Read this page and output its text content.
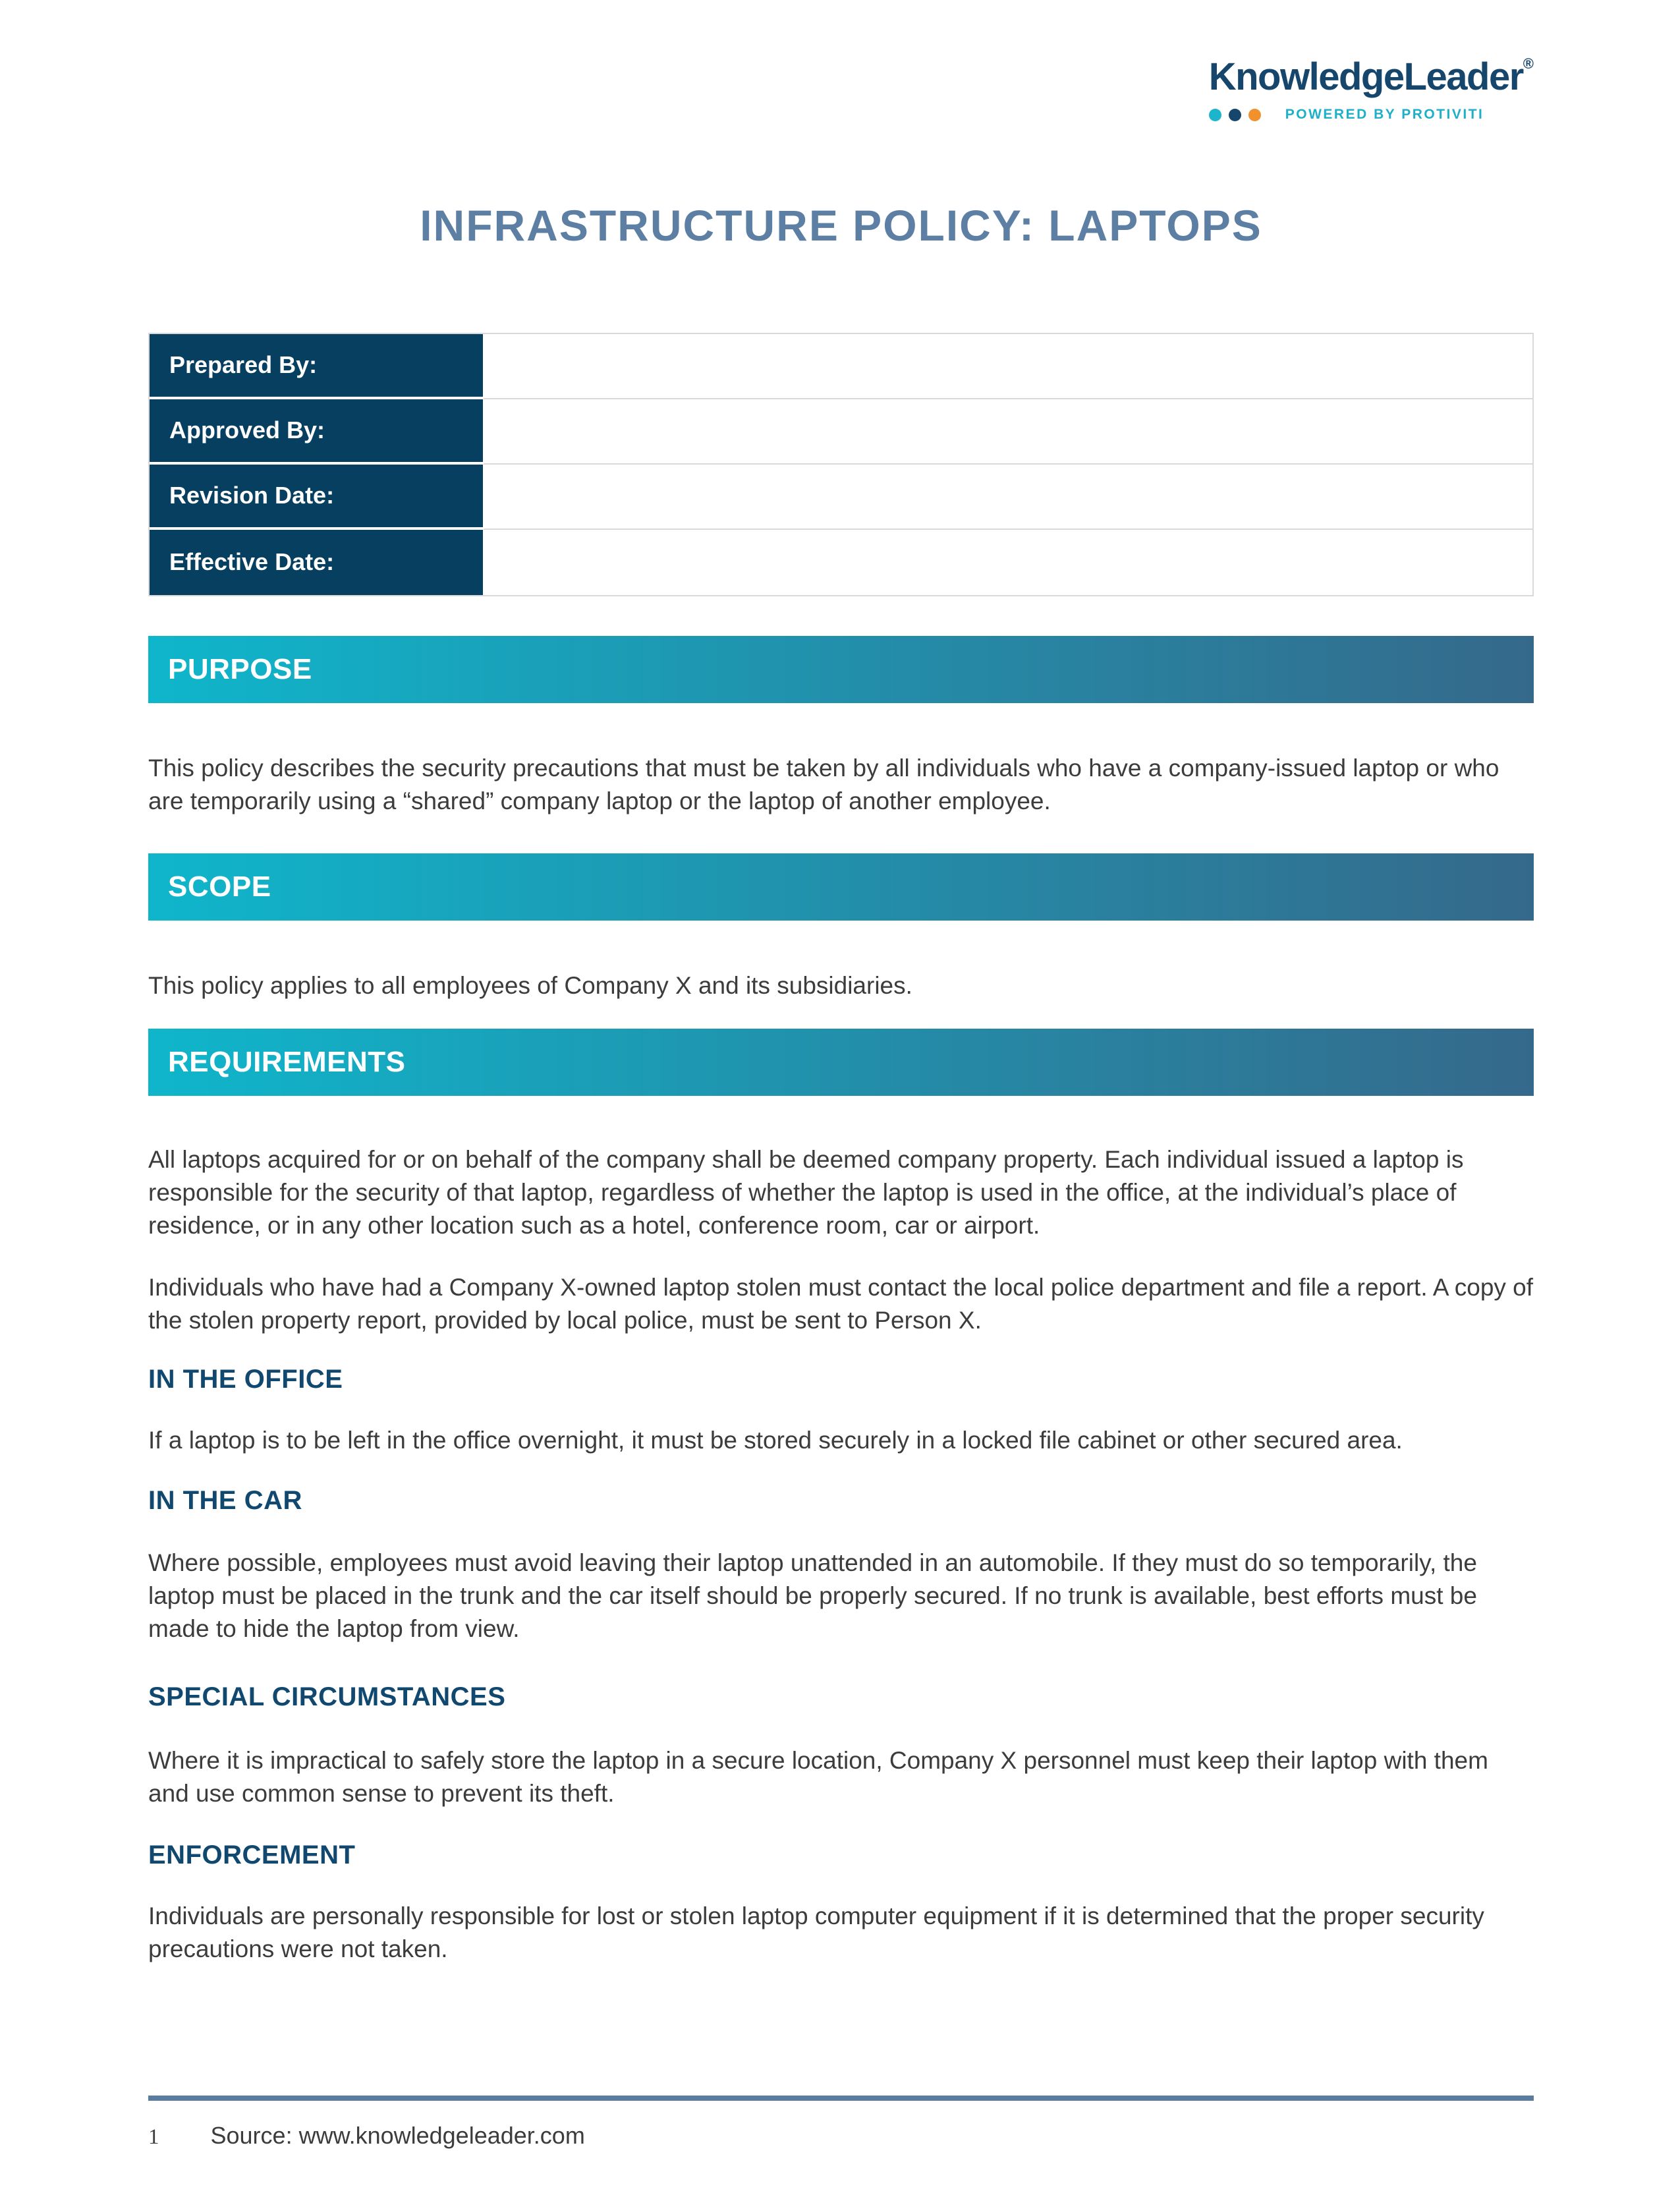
KnowledgeLeader ®
POWERED BY PROTIVITI
INFRASTRUCTURE POLICY: LAPTOPS
Prepared By:	
Approved By:	
Revision Date:	
Effective Date:	
PURPOSE

This policy describes the security precautions that must be taken by all individuals who have a company-issued laptop or who are temporarily using a “shared” company laptop or the laptop of another employee.

SCOPE

This policy applies to all employees of Company X and its subsidiaries.

REQUIREMENTS

All laptops acquired for or on behalf of the company shall be deemed company property. Each individual issued a laptop is responsible for the security of that laptop, regardless of whether the laptop is used in the office, at the individual’s place of residence, or in any other location such as a hotel, conference room, car or airport.

Individuals who have had a Company X-owned laptop stolen must contact the local police department and file a report. A copy of the stolen property report, provided by local police, must be sent to Person X.

IN THE OFFICE

If a laptop is to be left in the office overnight, it must be stored securely in a locked file cabinet or other secured area.

IN THE CAR

Where possible, employees must avoid leaving their laptop unattended in an automobile. If they must do so temporarily, the laptop must be placed in the trunk and the car itself should be properly secured. If no trunk is available, best efforts must be made to hide the laptop from view.

SPECIAL CIRCUMSTANCES

Where it is impractical to safely store the laptop in a secure location, Company X personnel must keep their laptop with them and use common sense to prevent its theft.

ENFORCEMENT

Individuals are personally responsible for lost or stolen laptop computer equipment if it is determined that the proper security precautions were not taken.

1 Source: www.knowledgeleader.com
